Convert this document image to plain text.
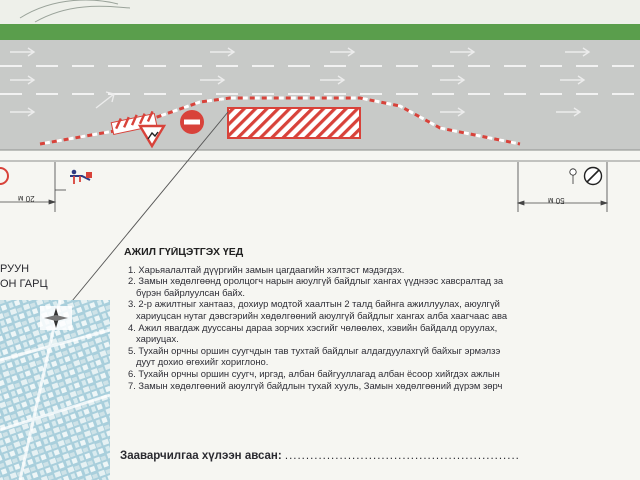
РУУН
ОН ГАРЦ
20 м	50 м
АЖИЛ ГҮЙЦЭТГЭХ ҮЕД
1. Харьяалалтай дүүргийн замын цагдаагийн хэлтэст мэдэгдэх.
2. Замын хөдөлгөөнд оролцогч нарын аюулгүй байдлыг хангах үүднээс хавсралтад за
бүрэн байрлуулсан байх.
3. 2-р ажилтныг хантааз, дохиур модтой хаалтын 2 талд байнга ажиллуулах, аюулгүй
хариуцсан нутаг дэвсгэрийн хөдөлгөөний аюулгүй байдлыг хангах алба хаагчаас ава
4. Ажил явагдаж дууссаны дараа зорчих хэсгийг чөлөөлөх, хэвийн байдалд оруулах,
хариуцах.
5. Тухайн орчны оршин суугчдын тав тухтай байдлыг алдагдуулахгүй байхыг эрмэлзэ
дуут дохио өгөхийг хориглоно.
6. Тухайн орчны оршин суугч, иргэд, албан байгууллагад албан ёсоор хийгдэх ажлын
7. Замын хөдөлгөөний аюулгүй байдлын тухай хууль, Замын хөдөлгөөний дүрэм зөрч
Зааварчилгаа хүлээн авсан: ........................................................
